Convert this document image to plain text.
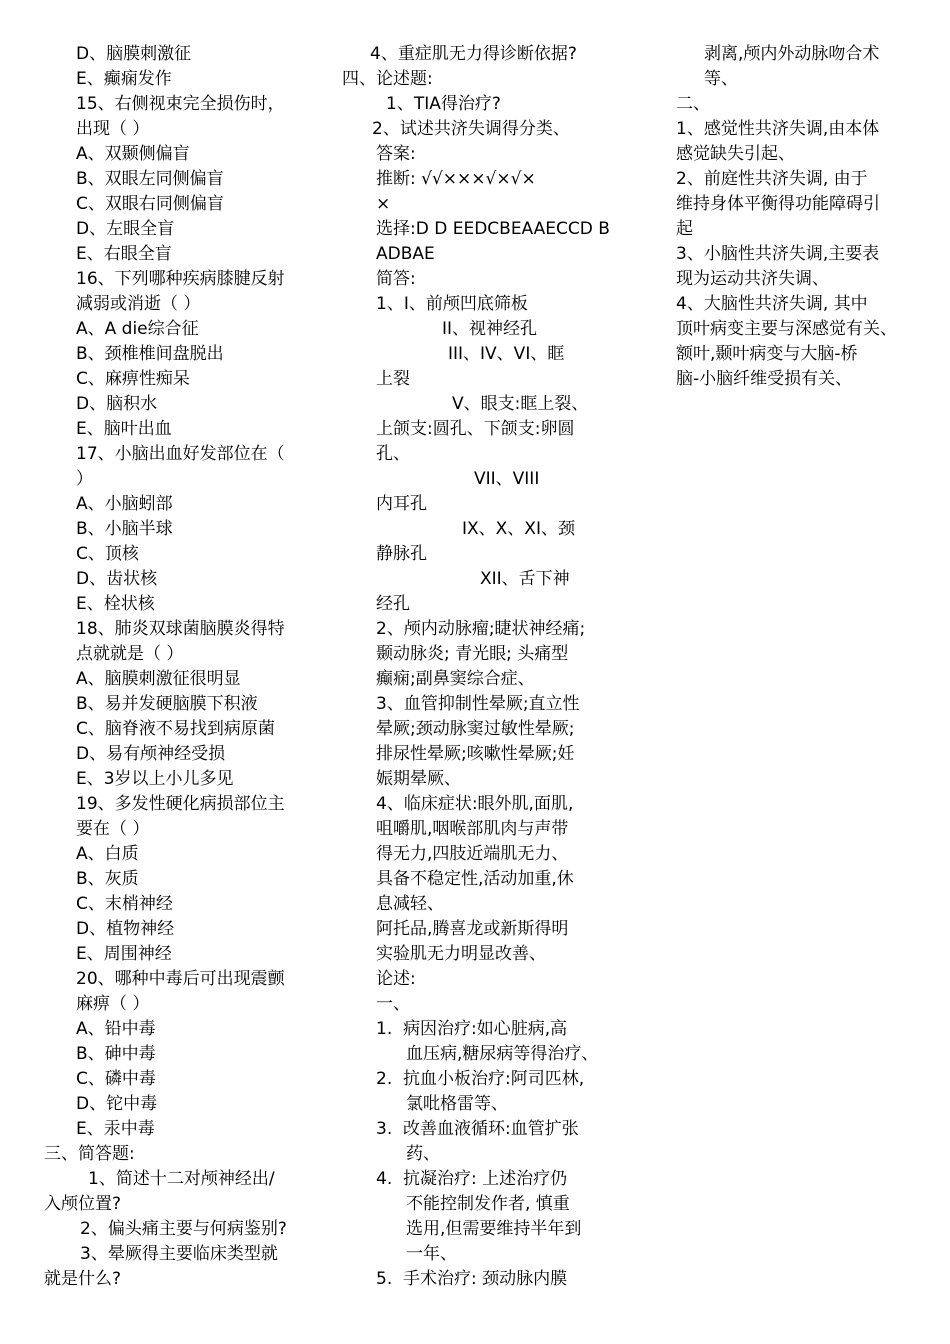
D、脑膜刺激征
E、癫痫发作
15、右侧视束完全损伤时，
出现（ ）
A、双颞侧偏盲
B、双眼左同侧偏盲
C、双眼右同侧偏盲
D、左眼全盲
E、右眼全盲
16、下列哪种疾病膝腱反射
减弱或消逝（ ）
A、A die综合征
B、颈椎椎间盘脱出
C、麻痹性痴呆
D、脑积水
E、脑叶出血
17、小脑出血好发部位在（
）
A、小脑蚓部
B、小脑半球
C、顶核
D、齿状核
E、栓状核
18、肺炎双球菌脑膜炎得特
点就就是（ ）
A、脑膜刺激征很明显
B、易并发硬脑膜下积液
C、脑脊液不易找到病原菌
D、易有颅神经受损
E、3岁以上小儿多见
19、多发性硬化病损部位主
要在（ ）
A、白质
B、灰质
C、末梢神经
D、植物神经
E、周围神经
20、哪种中毒后可出现震颤
麻痹（ ）
A、铅中毒
B、砷中毒
C、磷中毒
D、铊中毒
E、汞中毒
三、简答题:
1、简述十二对颅神经出/
入颅位置?
2、偏头痛主要与何病鉴别?
3、晕厥得主要临床类型就
就是什么?
4、重症肌无力得诊断依据?
四、论述题:
1、TIA得治疗?
2、试述共济失调得分类、
答案:
推断: √√×××√×√×
×
选择:D D EEDCBEAAECCD B
ADBAE
简答:
1、I、前颅凹底筛板
II、视神经孔
III、IV、VI、眶
上裂
V、眼支:眶上裂、
上颌支:圆孔、下颌支:卵圆
孔、
VII、VIII
内耳孔
IX、X、XI、颈
静脉孔
XII、舌下神
经孔
2、颅内动脉瘤;睫状神经痛;
颞动脉炎; 青光眼; 头痛型
癫痫;副鼻窦综合症、
3、血管抑制性晕厥;直立性
晕厥;颈动脉窦过敏性晕厥;
排尿性晕厥;咳嗽性晕厥;妊
娠期晕厥、
4、临床症状:眼外肌,面肌,
咀嚼肌,咽喉部肌肉与声带
得无力,四肢近端肌无力、
具备不稳定性,活动加重,休
息减轻、
阿托品,腾喜龙或新斯得明
实验肌无力明显改善、
论述:
一、
1.  病因治疗:如心脏病,高
血压病,糖尿病等得治疗、
2.  抗血小板治疗:阿司匹林,
氯吡格雷等、
3.  改善血液循环:血管扩张
药、
4.  抗凝治疗: 上述治疗仍
不能控制发作者, 慎重
选用,但需要维持半年到
一年、
5.  手术治疗: 颈动脉内膜
剥离,颅内外动脉吻合术
等、
二、
1、感觉性共济失调,由本体
感觉缺失引起、
2、前庭性共济失调, 由于
维持身体平衡得功能障碍引
起
3、小脑性共济失调,主要表
现为运动共济失调、
4、大脑性共济失调, 其中
顶叶病变主要与深感觉有关、
额叶,颞叶病变与大脑-桥
脑-小脑纤维受损有关、
